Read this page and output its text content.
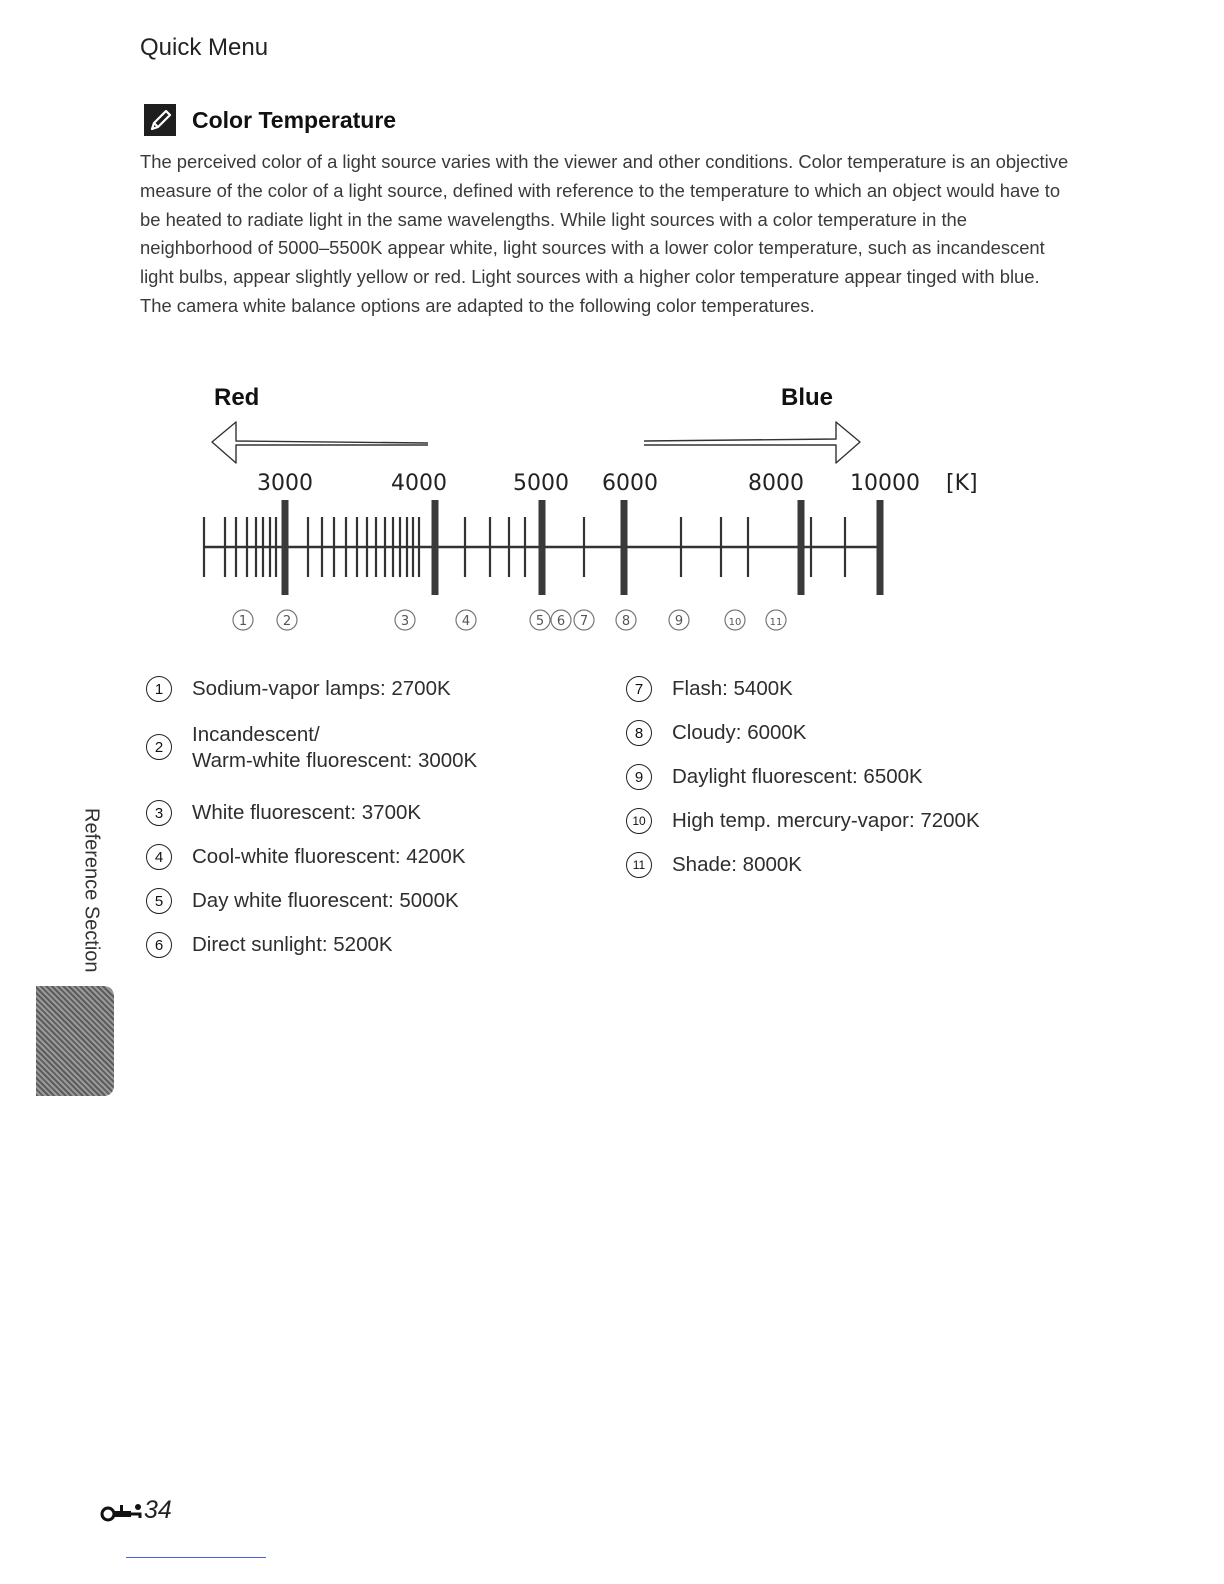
Quick Menu
Color Temperature

The perceived color of a light source varies with the viewer and other conditions. Color temperature is an objective measure of the color of a light source, defined with reference to the temperature to which an object would have to be heated to radiate light in the same wavelengths. While light sources with a color temperature in the neighborhood of 5000–5500K appear white, light sources with a lower color temperature, such as incandescent light bulbs, appear slightly yellow or red. Light sources with a higher color temperature appear tinged with blue. The camera white balance options are adapted to the following color temperatures.

Red	Blue
3000	4000	5000 6000	8000 10000 [K]
1	2	3	4	5 6 7	8	9	10	11
1	Sodium-vapor lamps: 2700K
2
Incandescent/
Warm-white fluorescent: 3000K
3	White fluorescent: 3700K
4	Cool-white fluorescent: 4200K
5	Day white fluorescent: 5000K
6	Direct sunlight: 5200K
7	Flash: 5400K
8	Cloudy: 6000K
9	Daylight fluorescent: 6500K
10	High temp. mercury-vapor: 7200K
11	Shade: 8000K
Reference Section
34
